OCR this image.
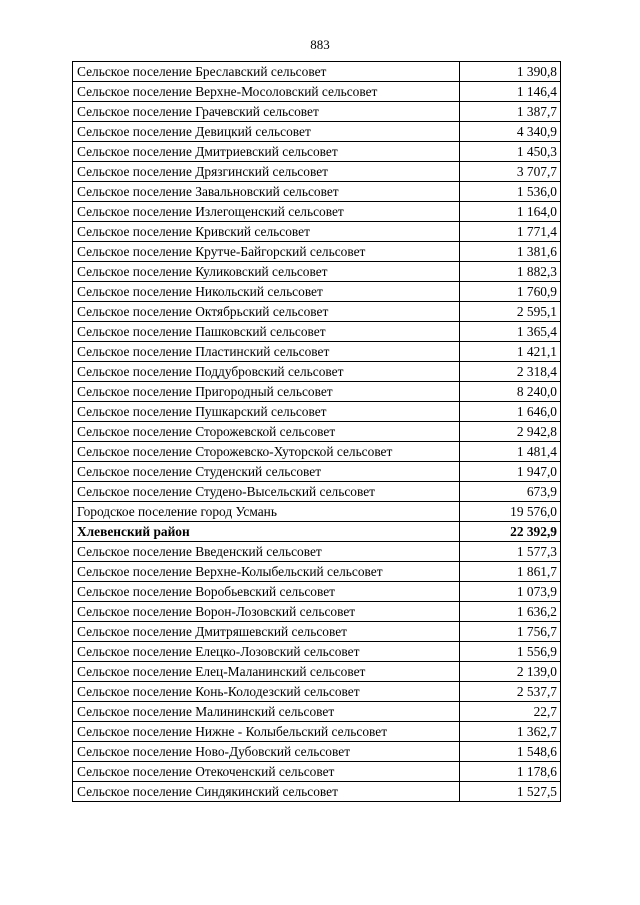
883
Сельское поселение Бреславский сельсовет	1 390,8
Сельское поселение Верхне-Мосоловский сельсовет	1 146,4
Сельское поселение Грачевский сельсовет	1 387,7
Сельское поселение Девицкий сельсовет	4 340,9
Сельское поселение Дмитриевский сельсовет	1 450,3
Сельское поселение Дрязгинский сельсовет	3 707,7
Сельское поселение Завальновский сельсовет	1 536,0
Сельское поселение Излегощенский сельсовет	1 164,0
Сельское поселение Кривский сельсовет	1 771,4
Сельское поселение Крутче-Байгорский сельсовет	1 381,6
Сельское поселение Куликовский сельсовет	1 882,3
Сельское поселение Никольский сельсовет	1 760,9
Сельское поселение Октябрьский сельсовет	2 595,1
Сельское поселение Пашковский сельсовет	1 365,4
Сельское поселение Пластинский сельсовет	1 421,1
Сельское поселение Поддубровский сельсовет	2 318,4
Сельское поселение Пригородный сельсовет	8 240,0
Сельское поселение Пушкарский сельсовет	1 646,0
Сельское поселение Сторожевской сельсовет	2 942,8
Сельское поселение Сторожевско-Хуторской сельсовет	1 481,4
Сельское поселение Студенский сельсовет	1 947,0
Сельское поселение Студено-Высельский сельсовет	673,9
Городское поселение город Усмань	19 576,0
Хлевенский район	22 392,9
Сельское поселение Введенский сельсовет	1 577,3
Сельское поселение Верхне-Колыбельский сельсовет	1 861,7
Сельское поселение Воробьевский сельсовет	1 073,9
Сельское поселение Ворон-Лозовский сельсовет	1 636,2
Сельское поселение Дмитряшевский сельсовет	1 756,7
Сельское поселение Елецко-Лозовский сельсовет	1 556,9
Сельское поселение Елец-Маланинский сельсовет	2 139,0
Сельское поселение Конь-Колодезский сельсовет	2 537,7
Сельское поселение Малининский сельсовет	22,7
Сельское поселение Нижне - Колыбельский сельсовет	1 362,7
Сельское поселение Ново-Дубовский сельсовет	1 548,6
Сельское поселение Отекоченский сельсовет	1 178,6
Сельское поселение Синдякинский сельсовет	1 527,5
